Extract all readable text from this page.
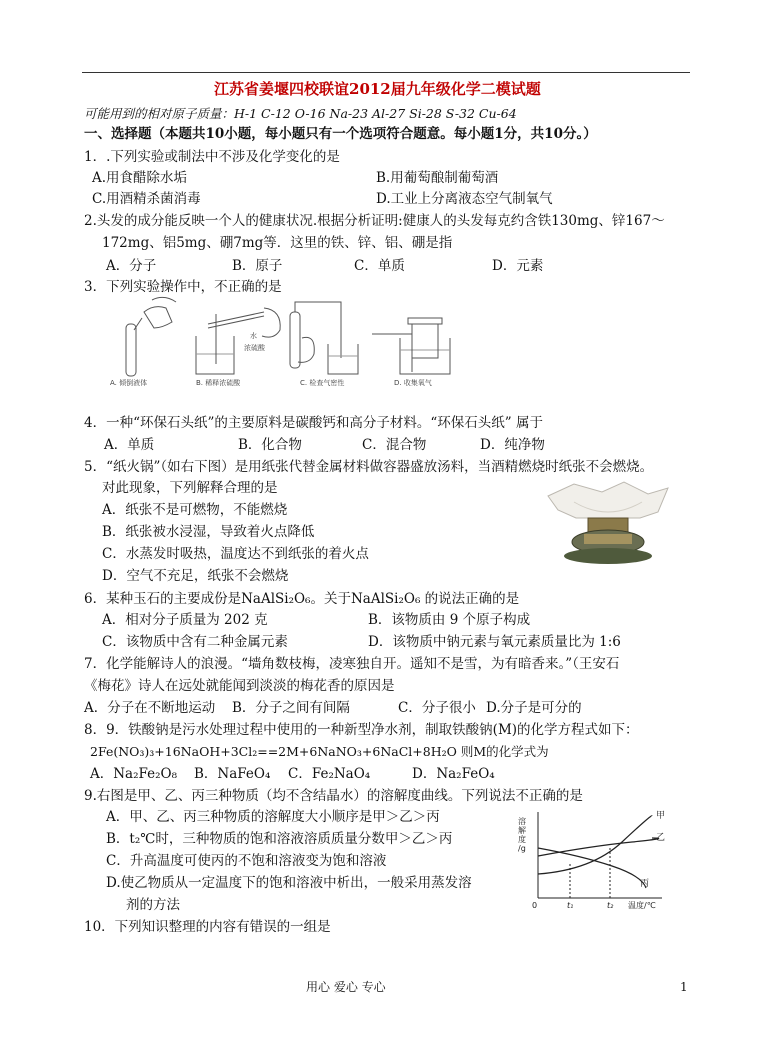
江苏省姜堰四校联谊2012届九年级化学二模试题
可能用到的相对原子质量：H-1 C-12 O-16 Na-23 Al-27 Si-28 S-32 Cu-64
一、选择题（本题共10小题，每小题只有一个选项符合题意。每小题1分，共10分。）
1．.下列实验或制法中不涉及化学变化的是
A.用食醋除水垢	B.用葡萄酿制葡萄酒
C.用酒精杀菌消毒	D.工业上分离液态空气制氧气
2.头发的成分能反映一个人的健康状况.根据分析证明:健康人的头发每克约含铁130mg、锌167～
172mg、铝5mg、硼7mg等．这里的铁、锌、铝、硼是指
A．分子	B．原子	C．单质	D．元素
3．下列实验操作中，不正确的是
水
浓硫酸
A. 倾倒液体	B. 稀释浓硫酸	C. 检查气密性	D. 收集氧气
4．一种“环保石头纸”的主要原料是碳酸钙和高分子材料。“环保石头纸” 属于
A．单质	B．化合物	C．混合物	D．纯净物
5．“纸火锅”（如右下图）是用纸张代替金属材料做容器盛放汤料，当酒精燃烧时纸张不会燃烧。
对此现象，下列解释合理的是
A．纸张不是可燃物，不能燃烧
B．纸张被水浸湿，导致着火点降低
C．水蒸发时吸热，温度达不到纸张的着火点
D．空气不充足，纸张不会燃烧
6．某种玉石的主要成份是NaAlSi₂O₆。关于NaAlSi₂O₆ 的说法正确的是
A．相对分子质量为 202 克	B．该物质由 9 个原子构成
C．该物质中含有二种金属元素	D．该物质中钠元素与氧元素质量比为 1:6
7．化学能解诗人的浪漫。“墙角数枝梅，凌寒独自开。遥知不是雪，为有暗香来。”（王安石
《梅花》诗人在远处就能闻到淡淡的梅花香的原因是
A．分子在不断地运动 B．分子之间有间隔	C．分子很小 D.分子是可分的
8．9．铁酸钠是污水处理过程中使用的一种新型净水剂，制取铁酸钠(M)的化学方程式如下：
2Fe(NO₃)₃+16NaOH+3Cl₂==2M+6NaNO₃+6NaCl+8H₂O 则M的化学式为
A．Na₂Fe₂O₈ B．NaFeO₄ C．Fe₂NaO₄	D．Na₂FeO₄
9.右图是甲、乙、丙三种物质（均不含结晶水）的溶解度曲线。下列说法不正确的是
A．甲、乙、丙三种物质的溶解度大小顺序是甲＞乙＞丙
B．t₂℃时，三种物质的饱和溶液溶质质量分数甲＞乙＞丙
C．升高温度可使丙的不饱和溶液变为饱和溶液
D.使乙物质从一定温度下的饱和溶液中析出，一般采用蒸发溶
剂的方法
溶解度/g
0	t₁	t₂ 温度/℃
甲
乙
丙
10．下列知识整理的内容有错误的一组是
用心 爱心 专心	1
